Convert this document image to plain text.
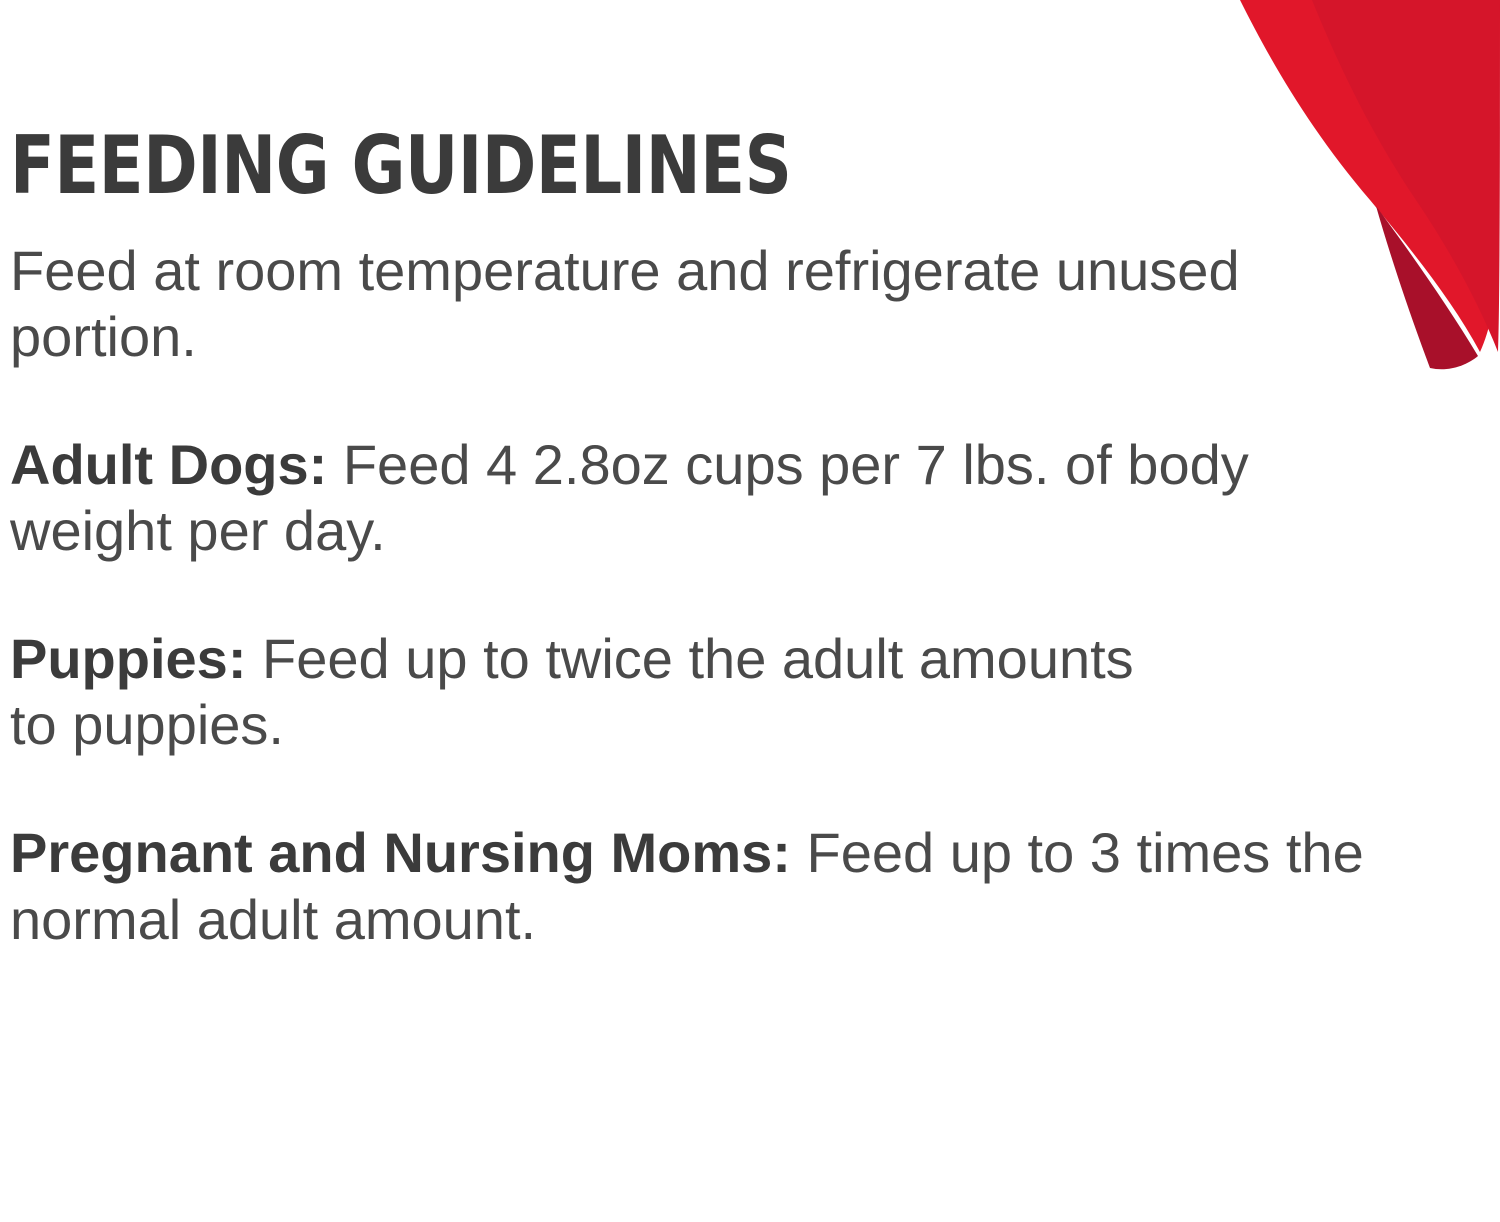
FEEDING GUIDELINES

Feed at room temperature and refrigerate unused portion.

Adult Dogs: Feed 4 2.8oz cups per 7 lbs. of body weight per day.

Puppies: Feed up to twice the adult amounts to puppies.

Pregnant and Nursing Moms: Feed up to 3 times the normal adult amount.
